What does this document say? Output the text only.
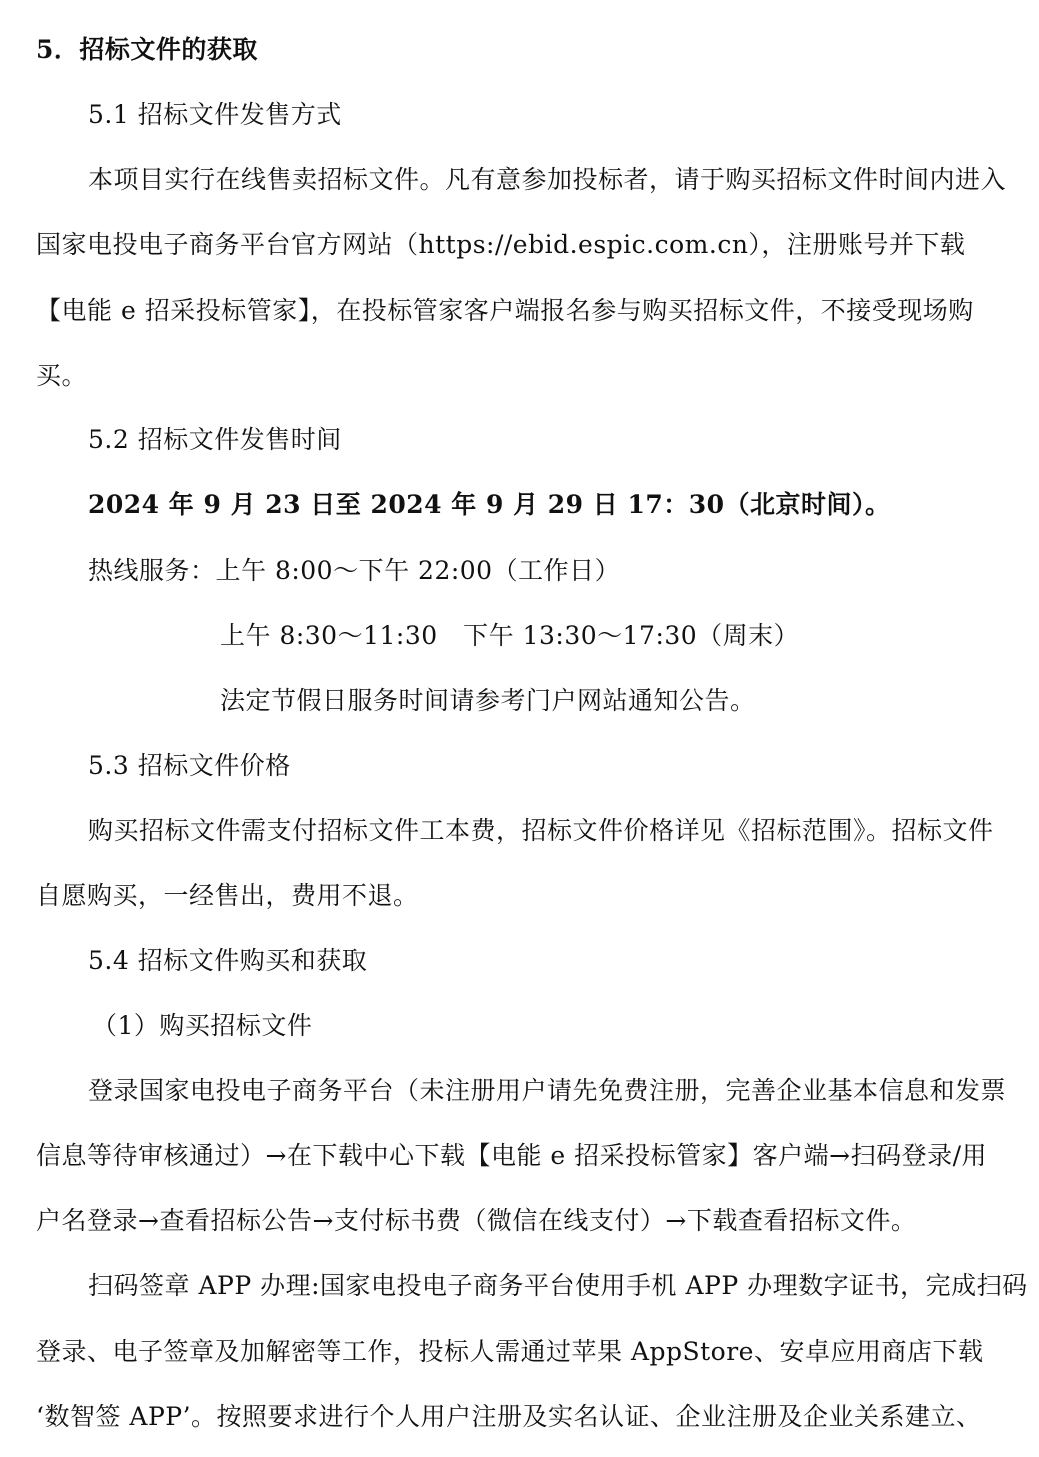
5．招标文件的获取
5.1 招标文件发售方式
本项目实行在线售卖招标文件。凡有意参加投标者，请于购买招标文件时间内进入
国家电投电子商务平台官方网站（https://ebid.espic.com.cn），注册账号并下载
【电能 e 招采投标管家】，在投标管家客户端报名参与购买招标文件，不接受现场购
买。
5.2 招标文件发售时间
2024 年 9 月 23 日至 2024 年 9 月 29 日 17：30（北京时间）。
热线服务：上午 8:00～下午 22:00（工作日）
上午 8:30～11:30　下午 13:30～17:30（周末）
法定节假日服务时间请参考门户网站通知公告。
5.3 招标文件价格
购买招标文件需支付招标文件工本费，招标文件价格详见《招标范围》。招标文件
自愿购买，一经售出，费用不退。
5.4 招标文件购买和获取
（1）购买招标文件
登录国家电投电子商务平台（未注册用户请先免费注册，完善企业基本信息和发票
信息等待审核通过）→在下载中心下载【电能 e 招采投标管家】客户端→扫码登录/用
户名登录→查看招标公告→支付标书费（微信在线支付）→下载查看招标文件。
扫码签章 APP 办理:国家电投电子商务平台使用手机 APP 办理数字证书，完成扫码
登录、电子签章及加解密等工作，投标人需通过苹果 AppStore、安卓应用商店下载
‘数智签 APP’。按照要求进行个人用户注册及实名认证、企业注册及企业关系建立、
